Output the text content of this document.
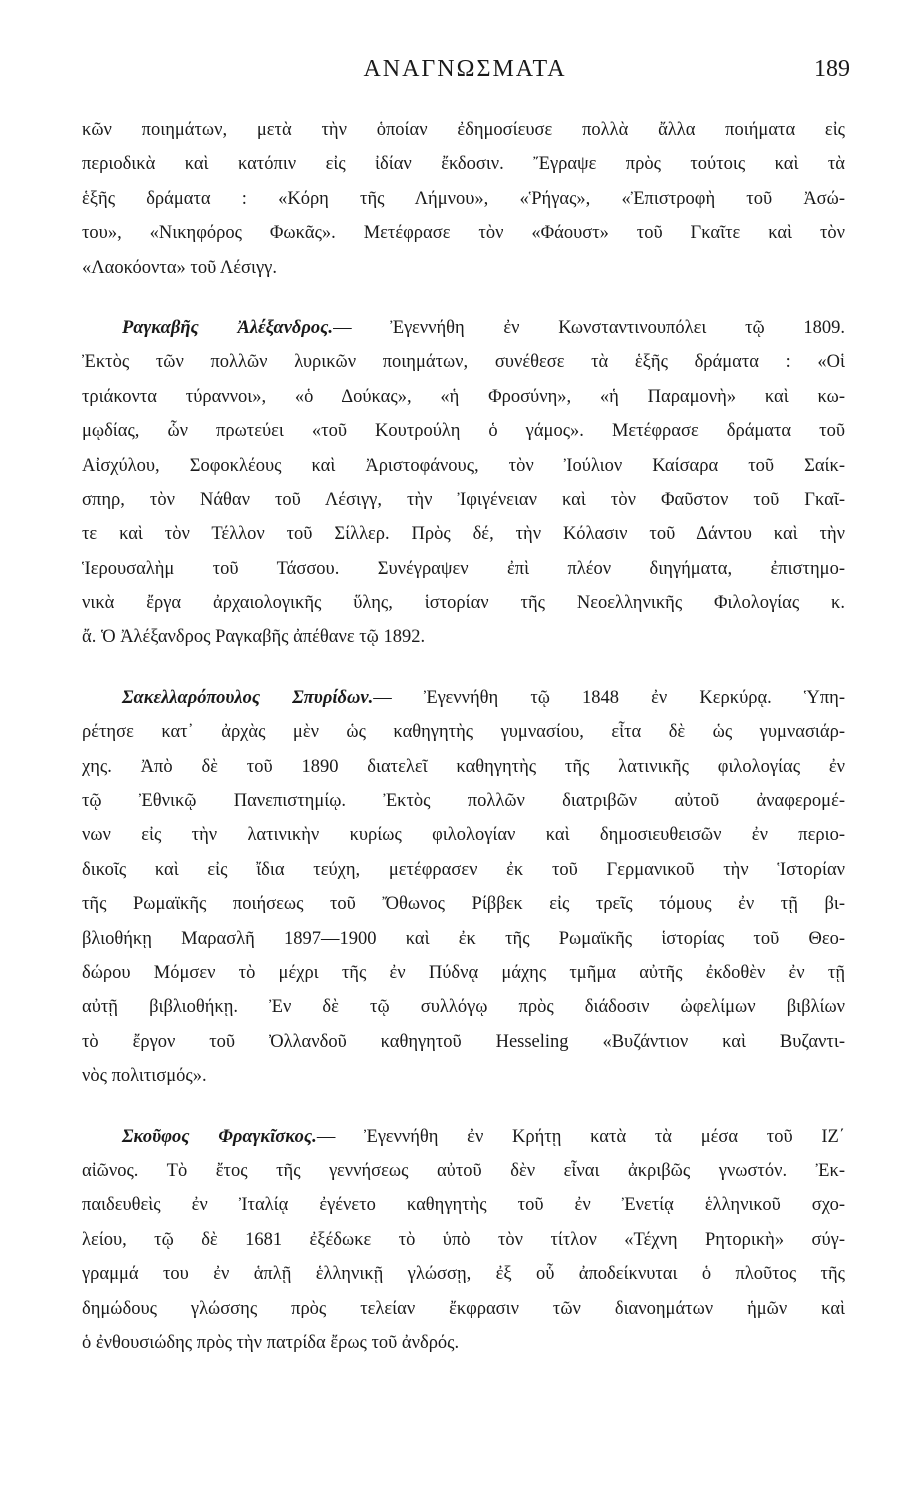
ΑΝΑΓΝΩΣΜΑΤΑ	189
κῶν ποιημάτων, μετὰ τὴν ὁποίαν ἐδημοσίευσε πολλὰ ἄλλα ποιήματα εἰς
περιοδικὰ καὶ κατόπιν εἰς ἰδίαν ἔκδοσιν. Ἔγραψε πρὸς τούτοις καὶ τὰ
ἑξῆς δράματα : «Κόρη τῆς Λήμνου», «Ῥήγας», «Ἐπιστροφὴ τοῦ Ἀσώ-
του», «Νικηφόρος Φωκᾶς». Μετέφρασε τὸν «Φάουστ» τοῦ Γκαῖτε καὶ τὸν
«Λαοκόοντα» τοῦ Λέσιγγ.
Ραγκαβῆς Ἀλέξανδρος.— Ἐγεννήθη ἐν Κωνσταντινουπόλει τῷ 1809.
Ἐκτὸς τῶν πολλῶν λυρικῶν ποιημάτων, συνέθεσε τὰ ἑξῆς δράματα : «Οἱ
τριάκοντα τύραννοι», «ὁ Δούκας», «ἡ Φροσύνη», «ἡ Παραμονὴ» καὶ κω-
μῳδίας, ὧν πρωτεύει «τοῦ Κουτρούλη ὁ γάμος». Μετέφρασε δράματα τοῦ
Αἰσχύλου, Σοφοκλέους καὶ Ἀριστοφάνους, τὸν Ἰούλιον Καίσαρα τοῦ Σαίκ-
σπηρ, τὸν Νάθαν τοῦ Λέσιγγ, τὴν Ἰφιγένειαν καὶ τὸν Φαῦστον τοῦ Γκαῖ-
τε καὶ τὸν Τέλλον τοῦ Σίλλερ. Πρὸς δέ, τὴν Κόλασιν τοῦ Δάντου καὶ τὴν
Ἱερουσαλὴμ τοῦ Τάσσου. Συνέγραψεν ἐπὶ πλέον διηγήματα, ἐπιστημο-
νικὰ ἔργα ἀρχαιολογικῆς ὕλης, ἱστορίαν τῆς Νεοελληνικῆς Φιλολογίας κ.
ἄ. Ὁ Ἀλέξανδρος Ραγκαβῆς ἀπέθανε τῷ 1892.
Σακελλαρόπουλος Σπυρίδων.— Ἐγεννήθη τῷ 1848 ἐν Κερκύρᾳ. Ὑπη-
ρέτησε κατ᾽ ἀρχὰς μὲν ὡς καθηγητὴς γυμνασίου, εἶτα δὲ ὡς γυμνασιάρ-
χης. Ἀπὸ δὲ τοῦ 1890 διατελεῖ καθηγητὴς τῆς λατινικῆς φιλολογίας ἐν
τῷ Ἐθνικῷ Πανεπιστημίῳ. Ἐκτὸς πολλῶν διατριβῶν αὐτοῦ ἀναφερομέ-
νων εἰς τὴν λατινικὴν κυρίως φιλολογίαν καὶ δημοσιευθεισῶν ἐν περιο-
δικοῖς καὶ εἰς ἴδια τεύχη, μετέφρασεν ἐκ τοῦ Γερμανικοῦ τὴν Ἱστορίαν
τῆς Ρωμαϊκῆς ποιήσεως τοῦ Ὄθωνος Ρίββεκ εἰς τρεῖς τόμους ἐν τῇ βι-
βλιοθήκῃ Μαρασλῆ 1897—1900 καὶ ἐκ τῆς Ρωμαϊκῆς ἱστορίας τοῦ Θεο-
δώρου Μόμσεν τὸ μέχρι τῆς ἐν Πύδνᾳ μάχης τμῆμα αὐτῆς ἐκδοθὲν ἐν τῇ
αὐτῇ βιβλιοθήκῃ. Ἐν δὲ τῷ συλλόγῳ πρὸς διάδοσιν ὠφελίμων βιβλίων
τὸ ἔργον τοῦ Ὀλλανδοῦ καθηγητοῦ Hesseling «Βυζάντιον καὶ Βυζαντι-
νὸς πολιτισμός».
Σκοῦφος Φραγκῖσκος.— Ἐγεννήθη ἐν Κρήτῃ κατὰ τὰ μέσα τοῦ ΙΖ΄
αἰῶνος. Τὸ ἔτος τῆς γεννήσεως αὐτοῦ δὲν εἶναι ἀκριβῶς γνωστόν. Ἐκ-
παιδευθεὶς ἐν Ἰταλίᾳ ἐγένετο καθηγητὴς τοῦ ἐν Ἐνετίᾳ ἑλληνικοῦ σχο-
λείου, τῷ δὲ 1681 ἐξέδωκε τὸ ὑπὸ τὸν τίτλον «Τέχνη Ρητορικὴ» σύγ-
γραμμά του ἐν ἁπλῇ ἑλληνικῇ γλώσσῃ, ἐξ οὗ ἀποδείκνυται ὁ πλοῦτος τῆς
δημώδους γλώσσης πρὸς τελείαν ἔκφρασιν τῶν διανοημάτων ἡμῶν καὶ
ὁ ἐνθουσιώδης πρὸς τὴν πατρίδα ἔρως τοῦ ἀνδρός.
